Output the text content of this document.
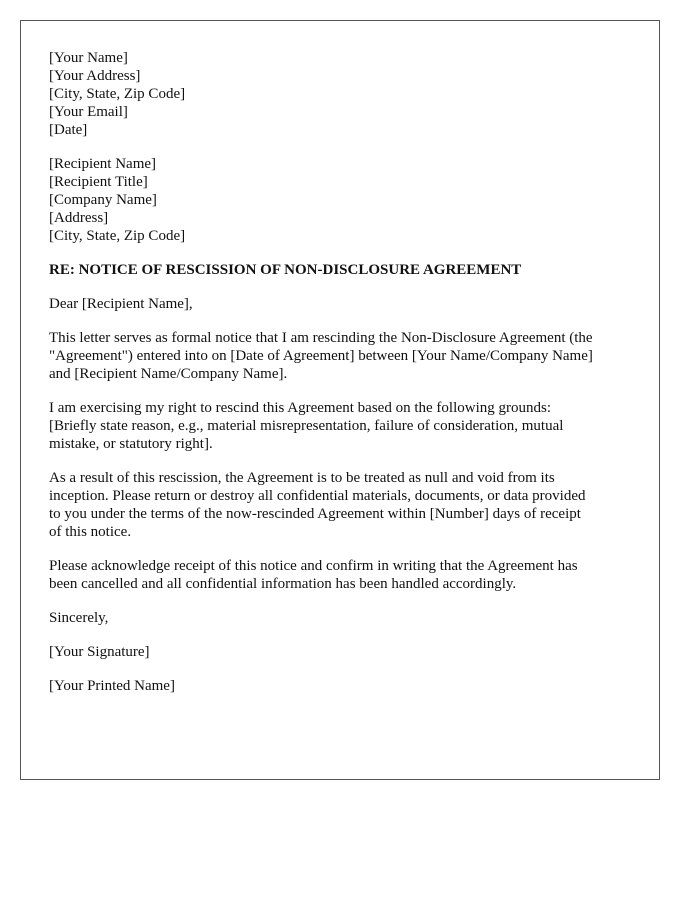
[Your Name]
[Your Address]
[City, State, Zip Code]
[Your Email]
[Date]
[Recipient Name]
[Recipient Title]
[Company Name]
[Address]
[City, State, Zip Code]
RE: NOTICE OF RESCISSION OF NON-DISCLOSURE AGREEMENT

Dear [Recipient Name],

This letter serves as formal notice that I am rescinding the Non-Disclosure Agreement (the
"Agreement") entered into on [Date of Agreement] between [Your Name/Company Name]
and [Recipient Name/Company Name].

I am exercising my right to rescind this Agreement based on the following grounds:
[Briefly state reason, e.g., material misrepresentation, failure of consideration, mutual
mistake, or statutory right].

As a result of this rescission, the Agreement is to be treated as null and void from its
inception. Please return or destroy all confidential materials, documents, or data provided
to you under the terms of the now-rescinded Agreement within [Number] days of receipt
of this notice.

Please acknowledge receipt of this notice and confirm in writing that the Agreement has
been cancelled and all confidential information has been handled accordingly.

Sincerely,

[Your Signature]

[Your Printed Name]
